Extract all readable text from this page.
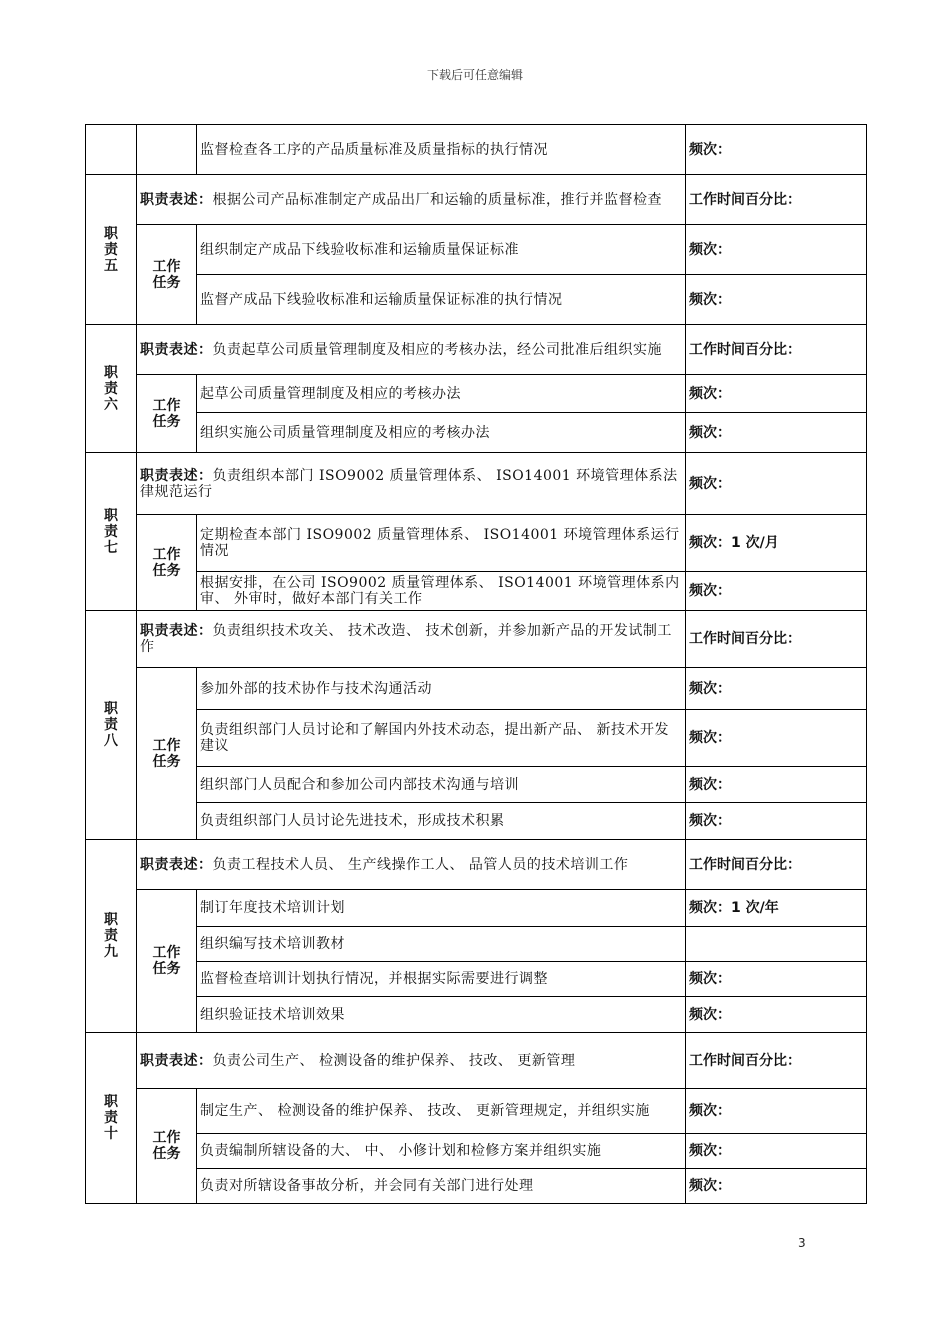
下载后可任意编辑
		监督检查各工序的产品质量标准及质量指标的执行情况	频次：

职
责
五	职责表述：根据公司产品标准制定产成品出厂和运输的质量标准，推行并监督检查		工作时间百分比：

	工作
任务	组织制定产成品下线验收标准和运输质量保证标准	频次：
		监督产成品下线验收标准和运输质量保证标准的执行情况	频次：

职
责
六	职责表述：负责起草公司质量管理制度及相应的考核办法，经公司批准后组织实施		工作时间百分比：

	工作
任务	起草公司质量管理制度及相应的考核办法	频次：
		组织实施公司质量管理制度及相应的考核办法	频次：

职
责
七	职责表述：负责组织本部门 ISO9002 质量管理体系、 ISO14001 环境管理体系法律规范运行		频次：

	工作
任务	定期检查本部门 ISO9002 质量管理体系、 ISO14001 环境管理体系运行情况	频次：1 次/月
		根据安排，在公司 ISO9002 质量管理体系、 ISO14001 环境管理体系内审、 外审时，做好本部门有关工作	频次：

职
责
八	职责表述：负责组织技术攻关、 技术改造、 技术创新，并参加新产品的开发试制工作		工作时间百分比：

	工作
任务	参加外部的技术协作与技术沟通活动	频次：
		负责组织部门人员讨论和了解国内外技术动态，提出新产品、 新技术开发建议	频次：
		组织部门人员配合和参加公司内部技术沟通与培训	频次：
		负责组织部门人员讨论先进技术，形成技术积累	频次：

职
责
九	职责表述：负责工程技术人员、 生产线操作工人、 品管人员的技术培训工作		工作时间百分比：

	工作
任务	制订年度技术培训计划	频次：1 次/年
		组织编写技术培训教材	
		监督检查培训计划执行情况，并根据实际需要进行调整	频次：
		组织验证技术培训效果	频次：

职
责
十	职责表述：负责公司生产、 检测设备的维护保养、 技改、 更新管理		工作时间百分比：

	工作
任务	制定生产、 检测设备的维护保养、 技改、 更新管理规定，并组织实施	频次：
		负责编制所辖设备的大、 中、 小修计划和检修方案并组织实施	频次：
		负责对所辖设备事故分析，并会同有关部门进行处理	频次：
3
